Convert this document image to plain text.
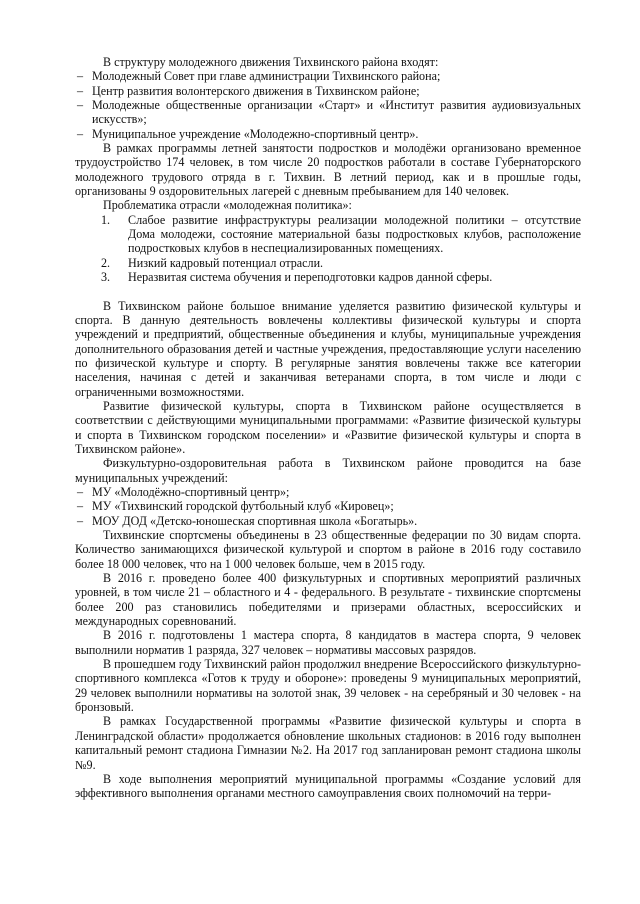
В структуру молодежного движения Тихвинского района входят:

– Молодежный Совет при главе администрации Тихвинского района;
– Центр развития волонтерского движения в Тихвинском районе;
– Молодежные общественные организации «Старт» и «Институт развития аудиовизуальных искусств»;
– Муниципальное учреждение «Молодежно-спортивный центр».

В рамках программы летней занятости подростков и молодёжи организовано временное трудоустройство 174 человек, в том числе 20 подростков работали в составе Губернаторского молодежного трудового отряда в г. Тихвин. В летний период, как и в прошлые годы, организованы 9 оздоровительных лагерей с дневным пребыванием для 140 человек.

Проблематика отрасли «молодежная политика»:

1. Слабое развитие инфраструктуры реализации молодежной политики – отсутствие Дома молодежи, состояние материальной базы подростковых клубов, расположение подростковых клубов в неспециализированных помещениях.
2. Низкий кадровый потенциал отрасли.
3. Неразвитая система обучения и переподготовки кадров данной сферы.

В Тихвинском районе большое внимание уделяется развитию физической культуры и спорта. В данную деятельность вовлечены коллективы физической культуры и спорта учреждений и предприятий, общественные объединения и клубы, муниципальные учреждения дополнительного образования детей и частные учреждения, предоставляющие услуги населению по физической культуре и спорту. В регулярные занятия вовлечены также все категории населения, начиная с детей и заканчивая ветеранами спорта, в том числе и люди с ограниченными возможностями.

Развитие физической культуры, спорта в Тихвинском районе осуществляется в соответствии с действующими муниципальными программами: «Развитие физической культуры и спорта в Тихвинском городском поселении» и «Развитие физической культуры и спорта в Тихвинском районе».

Физкультурно-оздоровительная работа в Тихвинском районе проводится на базе муниципальных учреждений:

– МУ «Молодёжно-спортивный центр»;
– МУ «Тихвинский городской футбольный клуб «Кировец»;
– МОУ ДОД «Детско-юношеская спортивная школа «Богатырь».

Тихвинские спортсмены объединены в 23 общественные федерации по 30 видам спорта. Количество занимающихся физической культурой и спортом в районе в 2016 году составило более 18 000 человек, что на 1 000 человек больше, чем в 2015 году.

В 2016 г. проведено более 400 физкультурных и спортивных мероприятий различных уровней, в том числе 21 – областного и 4 - федерального. В результате - тихвинские спортсмены более 200 раз становились победителями и призерами областных, всероссийских и международных соревнований.

В 2016 г. подготовлены 1 мастера спорта, 8 кандидатов в мастера спорта, 9 человек выполнили норматив 1 разряда, 327 человек – нормативы массовых разрядов.

В прошедшем году Тихвинский район продолжил внедрение Всероссийского физкультурно-спортивного комплекса «Готов к труду и обороне»: проведены 9 муниципальных мероприятий, 29 человек выполнили нормативы на золотой знак, 39 человек - на серебряный и 30 человек - на бронзовый.

В рамках Государственной программы «Развитие физической культуры и спорта в Ленинградской области» продолжается обновление школьных стадионов: в 2016 году выполнен капитальный ремонт стадиона Гимназии №2. На 2017 год запланирован ремонт стадиона школы №9.

В ходе выполнения мероприятий муниципальной программы «Создание условий для эффективного выполнения органами местного самоуправления своих полномочий на терри-
